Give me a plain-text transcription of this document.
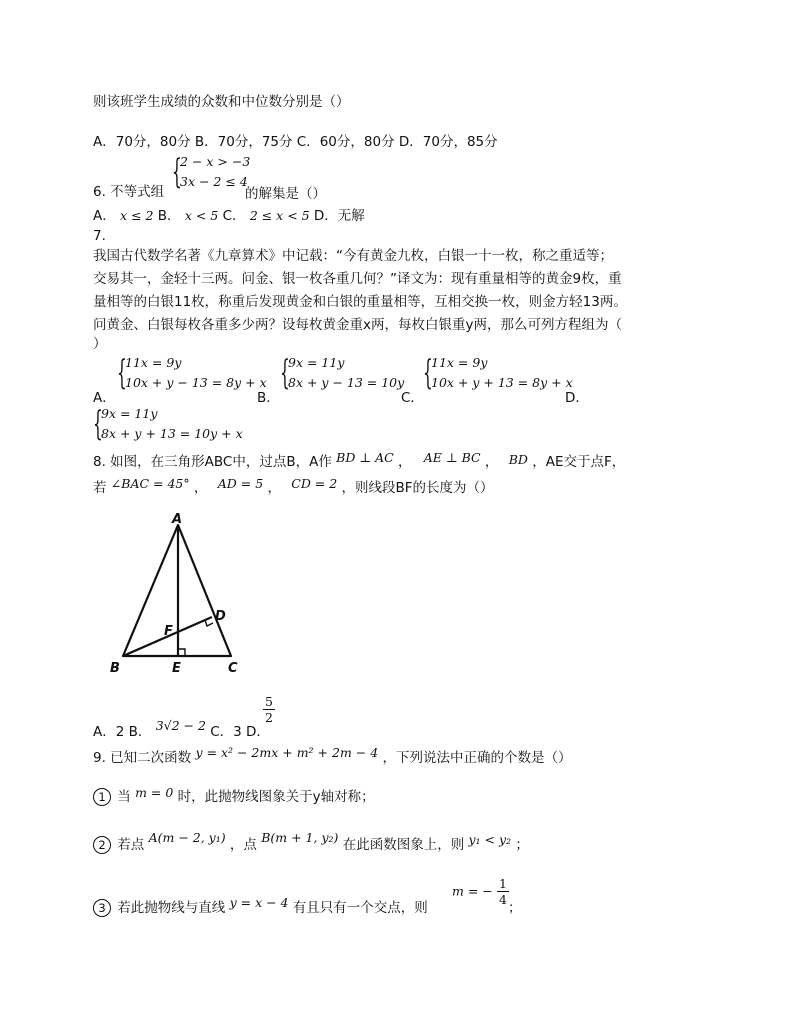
则该班学生成绩的众数和中位数分别是（）
A．70分，80分 B．70分，75分 C．60分，80分 D．70分，85分
{
2 − x > −3
3x − 2 ≤ 4
6. 不等式组	的解集是（）
A． x ≤ 2 B． x < 5 C． 2 ≤ x < 5 D．无解
7.
我国古代数学名著《九章算术》中记载：“今有黄金九枚，白银一十一枚，称之重适等；
交易其一，金轻十三两。问金、银一枚各重几何？”译文为：现有重量相等的黄金9枚，重
量相等的白银11枚，称重后发现黄金和白银的重量相等，互相交换一枚，则金方轻13两。
问黄金、白银每枚各重多少两？设每枚黄金重x两，每枚白银重y两，那么可列方程组为（
）
A．
{
11x = 9y
10x + y − 13 = 8y + x
B．
{
9x = 11y
8x + y − 13 = 10y
C．
{
11x = 9y
10x + y + 13 = 8y + x
D．
{
9x = 11y
8x + y + 13 = 10y + x
8. 如图，在三角形ABC中，过点B，A作 BD ⊥ AC ， AE ⊥ BC ， BD ，AE交于点F，
若 ∠BAC = 45° ， AD = 5 ， CD = 2 ，则线段BF的长度为（）
A
B	C
D
E
F
A．2 B． 3√2 − 2 C．3 D．
$\frac{5}{2}$
9. 已知二次函数 y = x² − 2mx + m² + 2m − 4 ，下列说法中正确的个数是（）
1 当 m = 0 时，此抛物线图象关于y轴对称；
2 若点 A(m − 2, y₁) ，点 B(m + 1, y₂) 在此函数图象上，则 y₁ < y₂ ；
3 若此抛物线与直线 y = x − 4 有且只有一个交点，则
m = − $\frac{1}{4}$
；
